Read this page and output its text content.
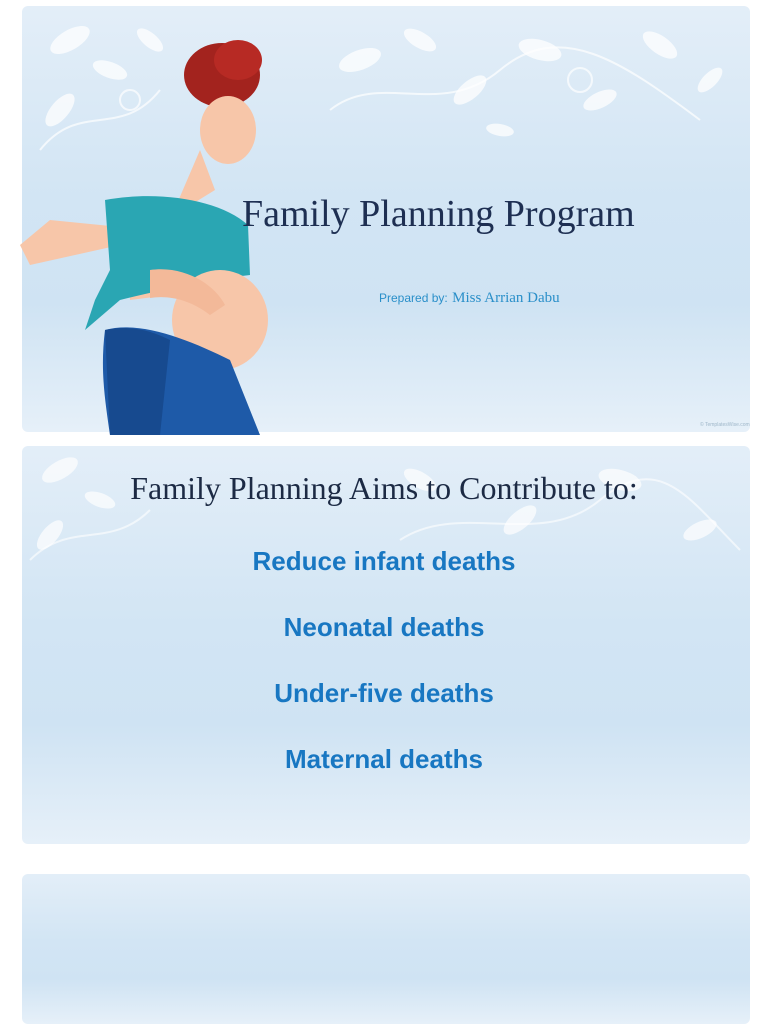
Family Planning Program
Prepared by: Miss Arrian Dabu
© TemplatesWise.com
Family Planning Aims to Contribute to:
Reduce infant deaths
Neonatal deaths
Under-five deaths
Maternal deaths
